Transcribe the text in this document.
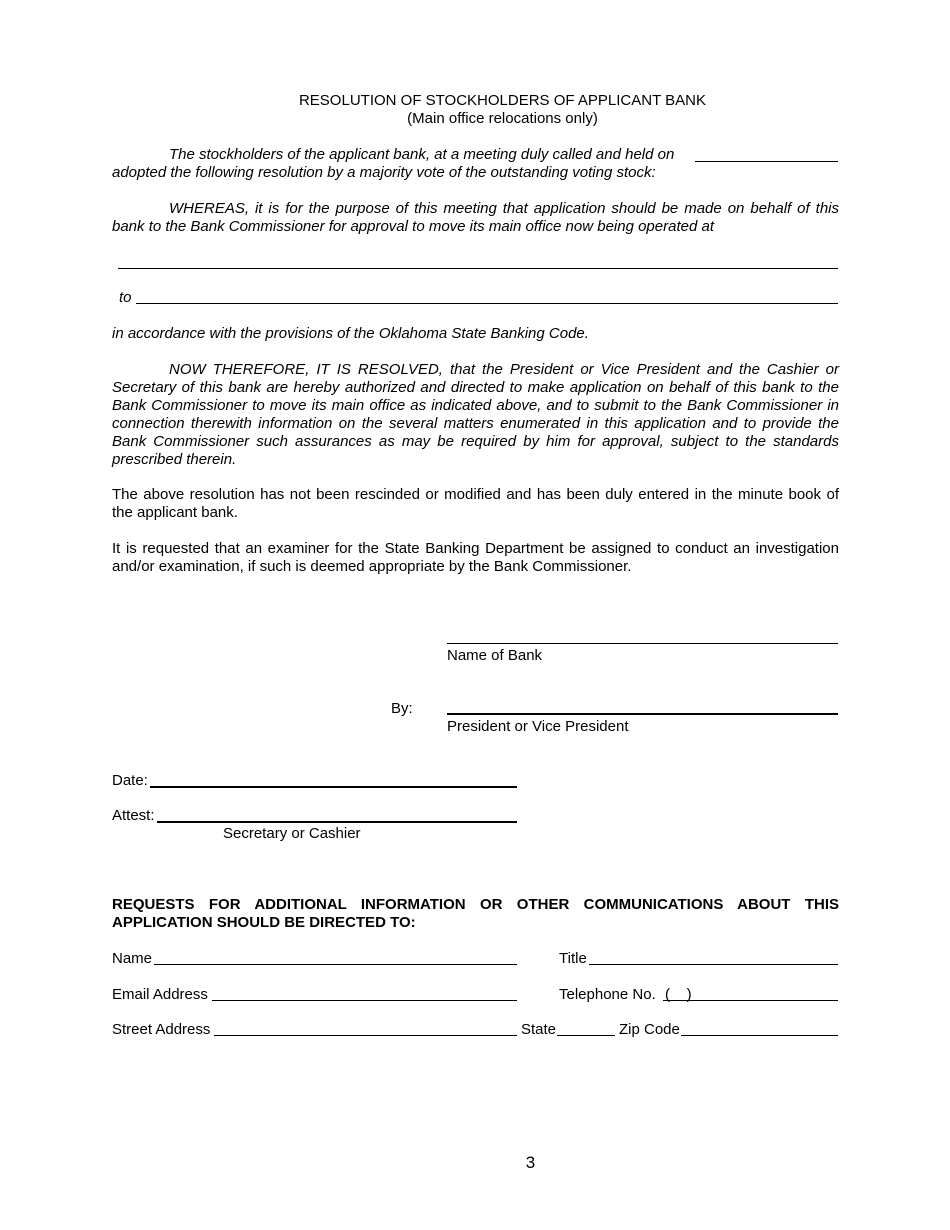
RESOLUTION OF STOCKHOLDERS OF APPLICANT BANK
(Main office relocations only)
The stockholders of the applicant bank, at a meeting duly called and held on
adopted the following resolution by a majority vote of the outstanding voting stock:
WHEREAS, it is for the purpose of this meeting that application should be made on behalf of this bank to the Bank Commissioner for approval to move its main office now being operated at
to
in accordance with the provisions of the Oklahoma State Banking Code.
NOW THEREFORE, IT IS RESOLVED, that the President or Vice President and the Cashier or Secretary of this bank are hereby authorized and directed to make application on behalf of this bank to the Bank Commissioner to move its main office as indicated above, and to submit to the Bank Commissioner in connection therewith information on the several matters enumerated in this application and to provide the Bank Commissioner such assurances as may be required by him for approval, subject to the standards prescribed therein.
The above resolution has not been rescinded or modified and has been duly entered in the minute book of the applicant bank.
It is requested that an examiner for the State Banking Department be assigned to conduct an investigation and/or examination, if such is deemed appropriate by the Bank Commissioner.
Name of Bank
By:
President or Vice President
Date:
Attest:
Secretary or Cashier
REQUESTS FOR ADDITIONAL INFORMATION OR OTHER COMMUNICATIONS ABOUT THIS APPLICATION SHOULD BE DIRECTED TO:
Name	Title
Email Address	Telephone No. (    )
Street Address	State	Zip Code
3
